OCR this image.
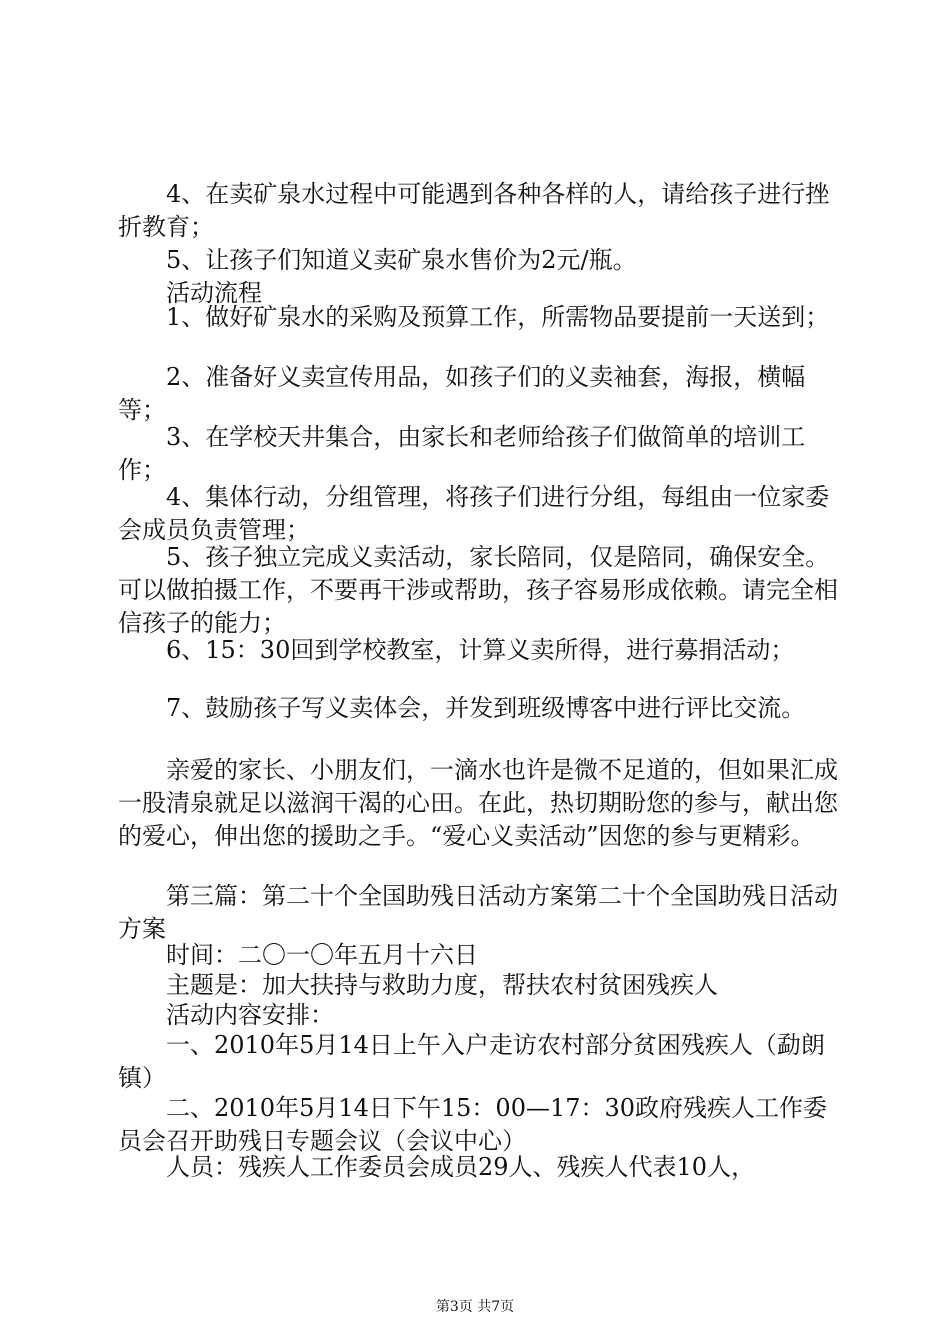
　　4、在卖矿泉水过程中可能遇到各种各样的人，请给孩子进行挫折教育；

　　5、让孩子们知道义卖矿泉水售价为2元/瓶。

　　活动流程

　　1、做好矿泉水的采购及预算工作，所需物品要提前一天送到；

　　2、准备好义卖宣传用品，如孩子们的义卖袖套，海报，横幅等；

　　3、在学校天井集合，由家长和老师给孩子们做简单的培训工作；

　　4、集体行动，分组管理，将孩子们进行分组，每组由一位家委会成员负责管理；

　　5、孩子独立完成义卖活动，家长陪同，仅是陪同，确保安全。可以做拍摄工作，不要再干涉或帮助，孩子容易形成依赖。请完全相信孩子的能力；

　　6、15：30回到学校教室，计算义卖所得，进行募捐活动；

　　7、鼓励孩子写义卖体会，并发到班级博客中进行评比交流。

　　亲爱的家长、小朋友们，一滴水也许是微不足道的，但如果汇成一股清泉就足以滋润干渴的心田。在此，热切期盼您的参与，献出您的爱心，伸出您的援助之手。“爱心义卖活动”因您的参与更精彩。

　　第三篇：第二十个全国助残日活动方案第二十个全国助残日活动方案

　　时间：二〇一〇年五月十六日

　　主题是：加大扶持与救助力度，帮扶农村贫困残疾人

　　活动内容安排：

　　一、2010年5月14日上午入户走访农村部分贫困残疾人（勐朗镇）

　　二、2010年5月14日下午15：00—17：30政府残疾人工作委员会召开助残日专题会议（会议中心）

　　人员：残疾人工作委员会成员29人、残疾人代表10人，

第3页 共7页
